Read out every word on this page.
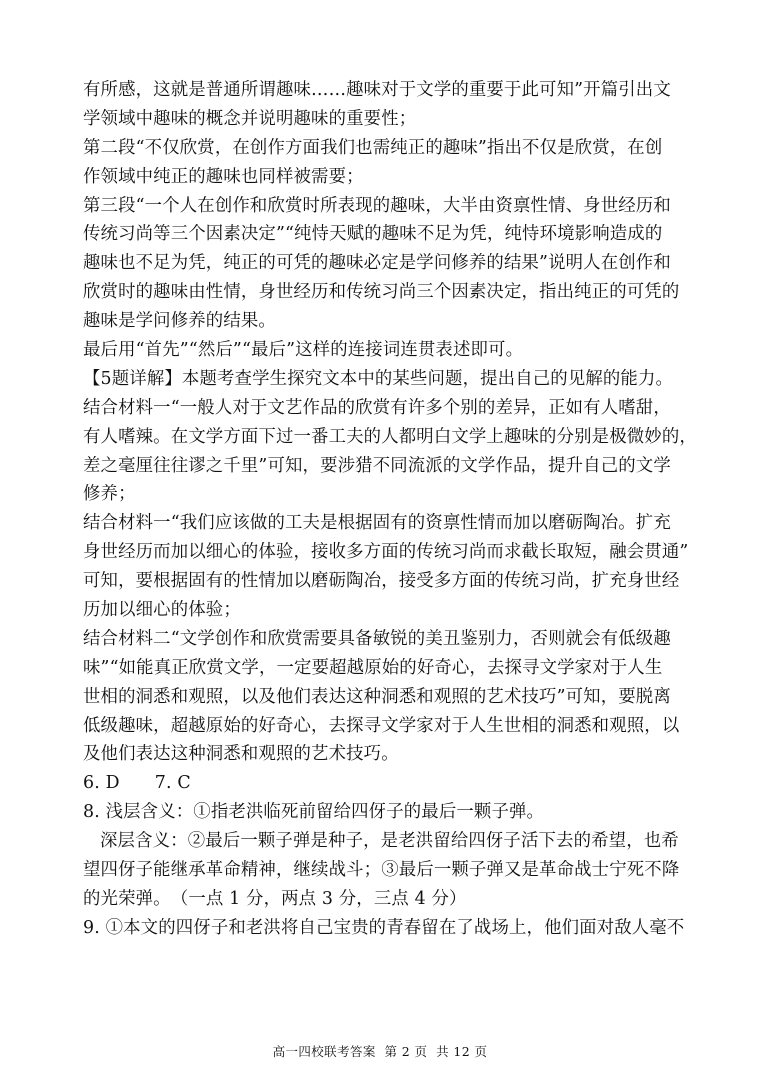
有所感，这就是普通所谓趣味……趣味对于文学的重要于此可知”开篇引出文
学领域中趣味的概念并说明趣味的重要性；
第二段“不仅欣赏，在创作方面我们也需纯正的趣味”指出不仅是欣赏，在创
作领域中纯正的趣味也同样被需要；
第三段“一个人在创作和欣赏时所表现的趣味，大半由资禀性情、身世经历和
传统习尚等三个因素决定”“纯恃天赋的趣味不足为凭，纯恃环境影响造成的
趣味也不足为凭，纯正的可凭的趣味必定是学问修养的结果”说明人在创作和
欣赏时的趣味由性情，身世经历和传统习尚三个因素决定，指出纯正的可凭的
趣味是学问修养的结果。
最后用“首先”“然后”“最后”这样的连接词连贯表述即可。
【5题详解】本题考查学生探究文本中的某些问题，提出自己的见解的能力。
结合材料一“一般人对于文艺作品的欣赏有许多个别的差异，正如有人嗜甜，
有人嗜辣。在文学方面下过一番工夫的人都明白文学上趣味的分别是极微妙的，
差之毫厘往往谬之千里”可知，要涉猎不同流派的文学作品，提升自己的文学
修养；
结合材料一“我们应该做的工夫是根据固有的资禀性情而加以磨砺陶冶。扩充
身世经历而加以细心的体验，接收多方面的传统习尚而求截长取短，融会贯通”
可知，要根据固有的性情加以磨砺陶冶，接受多方面的传统习尚，扩充身世经
历加以细心的体验；
结合材料二“文学创作和欣赏需要具备敏锐的美丑鉴别力，否则就会有低级趣
味”“如能真正欣赏文学，一定要超越原始的好奇心，去探寻文学家对于人生
世相的洞悉和观照，以及他们表达这种洞悉和观照的艺术技巧”可知，要脱离
低级趣味，超越原始的好奇心，去探寻文学家对于人生世相的洞悉和观照，以
及他们表达这种洞悉和观照的艺术技巧。
6. D　　7. C
8. 浅层含义：①指老洪临死前留给四伢子的最后一颗子弹。
深层含义：②最后一颗子弹是种子，是老洪留给四伢子活下去的希望，也希
望四伢子能继承革命精神，继续战斗；③最后一颗子弹又是革命战士宁死不降
的光荣弹。　（一点 1 分，两点 3 分，三点 4 分）
9. ①本文的四伢子和老洪将自己宝贵的青春留在了战场上，他们面对敌人毫不
高一四校联考答案  第 2 页  共 12 页
